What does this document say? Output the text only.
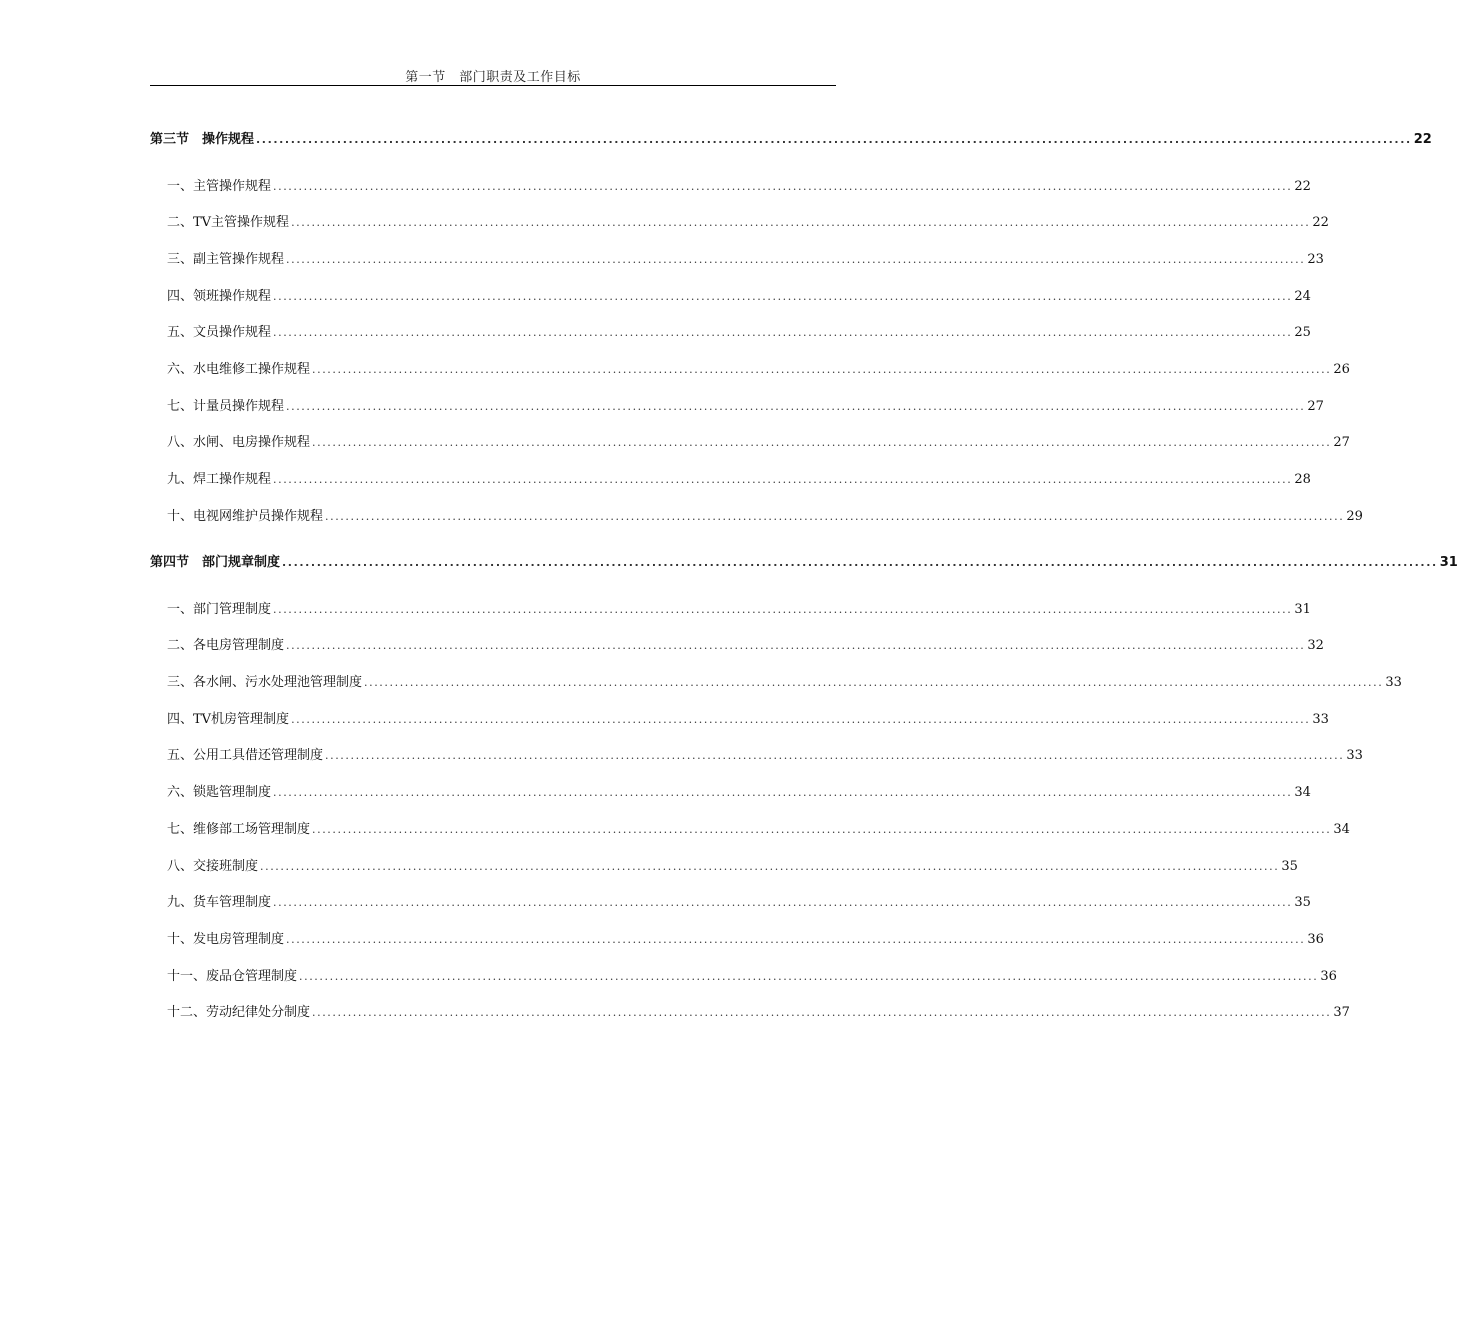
第一节　部门职责及工作目标
第三节　操作规程 ........................................................................................................................................................................................................ 22
一、主管操作规程 ........................................................................................................................................................................................................ 22
二、TV主管操作规程 ........................................................................................................................................................................................................ 22
三、副主管操作规程 ........................................................................................................................................................................................................ 23
四、领班操作规程 ........................................................................................................................................................................................................ 24
五、文员操作规程 ........................................................................................................................................................................................................ 25
六、水电维修工操作规程 ........................................................................................................................................................................................................ 26
七、计量员操作规程 ........................................................................................................................................................................................................ 27
八、水闸、电房操作规程 ........................................................................................................................................................................................................ 27
九、焊工操作规程 ........................................................................................................................................................................................................ 28
十、电视网维护员操作规程 ........................................................................................................................................................................................................ 29
第四节　部门规章制度 ........................................................................................................................................................................................................ 31
一、部门管理制度 ........................................................................................................................................................................................................ 31
二、各电房管理制度 ........................................................................................................................................................................................................ 32
三、各水闸、污水处理池管理制度 ........................................................................................................................................................................................................ 33
四、TV机房管理制度 ........................................................................................................................................................................................................ 33
五、公用工具借还管理制度 ........................................................................................................................................................................................................ 33
六、锁匙管理制度 ........................................................................................................................................................................................................ 34
七、维修部工场管理制度 ........................................................................................................................................................................................................ 34
八、交接班制度 ........................................................................................................................................................................................................ 35
九、货车管理制度 ........................................................................................................................................................................................................ 35
十、发电房管理制度 ........................................................................................................................................................................................................ 36
十一、废品仓管理制度 ........................................................................................................................................................................................................ 36
十二、劳动纪律处分制度 ........................................................................................................................................................................................................ 37
